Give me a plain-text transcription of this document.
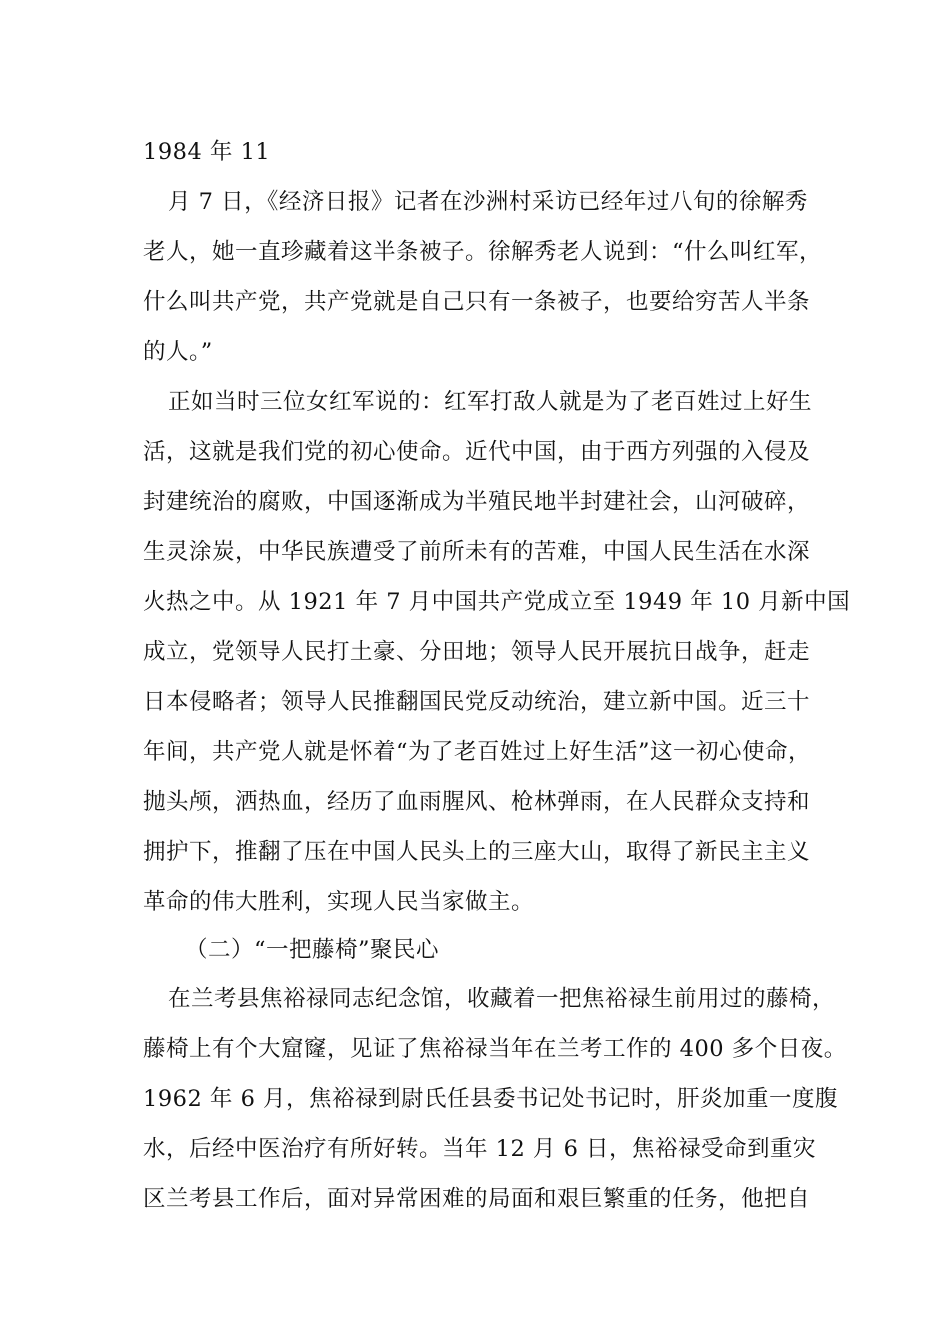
1984 年 11
月 7 日，《经济日报》记者在沙洲村采访已经年过八旬的徐解秀
老人，她一直珍藏着这半条被子。徐解秀老人说到：“什么叫红军，
什么叫共产党，共产党就是自己只有一条被子，也要给穷苦人半条
的人。”
正如当时三位女红军说的：红军打敌人就是为了老百姓过上好生
活，这就是我们党的初心使命。近代中国，由于西方列强的入侵及
封建统治的腐败，中国逐渐成为半殖民地半封建社会，山河破碎，
生灵涂炭，中华民族遭受了前所未有的苦难，中国人民生活在水深
火热之中。从 1921 年 7 月中国共产党成立至 1949 年 10 月新中国
成立，党领导人民打土豪、分田地；领导人民开展抗日战争，赶走
日本侵略者；领导人民推翻国民党反动统治，建立新中国。近三十
年间，共产党人就是怀着“为了老百姓过上好生活”这一初心使命，
抛头颅，洒热血，经历了血雨腥风、枪林弹雨，在人民群众支持和
拥护下，推翻了压在中国人民头上的三座大山，取得了新民主主义
革命的伟大胜利，实现人民当家做主。
（二）“一把藤椅”聚民心
在兰考县焦裕禄同志纪念馆，收藏着一把焦裕禄生前用过的藤椅，
藤椅上有个大窟窿，见证了焦裕禄当年在兰考工作的 400 多个日夜。
1962 年 6 月，焦裕禄到尉氏任县委书记处书记时，肝炎加重一度腹
水，后经中医治疗有所好转。当年 12 月 6 日，焦裕禄受命到重灾
区兰考县工作后，面对异常困难的局面和艰巨繁重的任务，他把自
